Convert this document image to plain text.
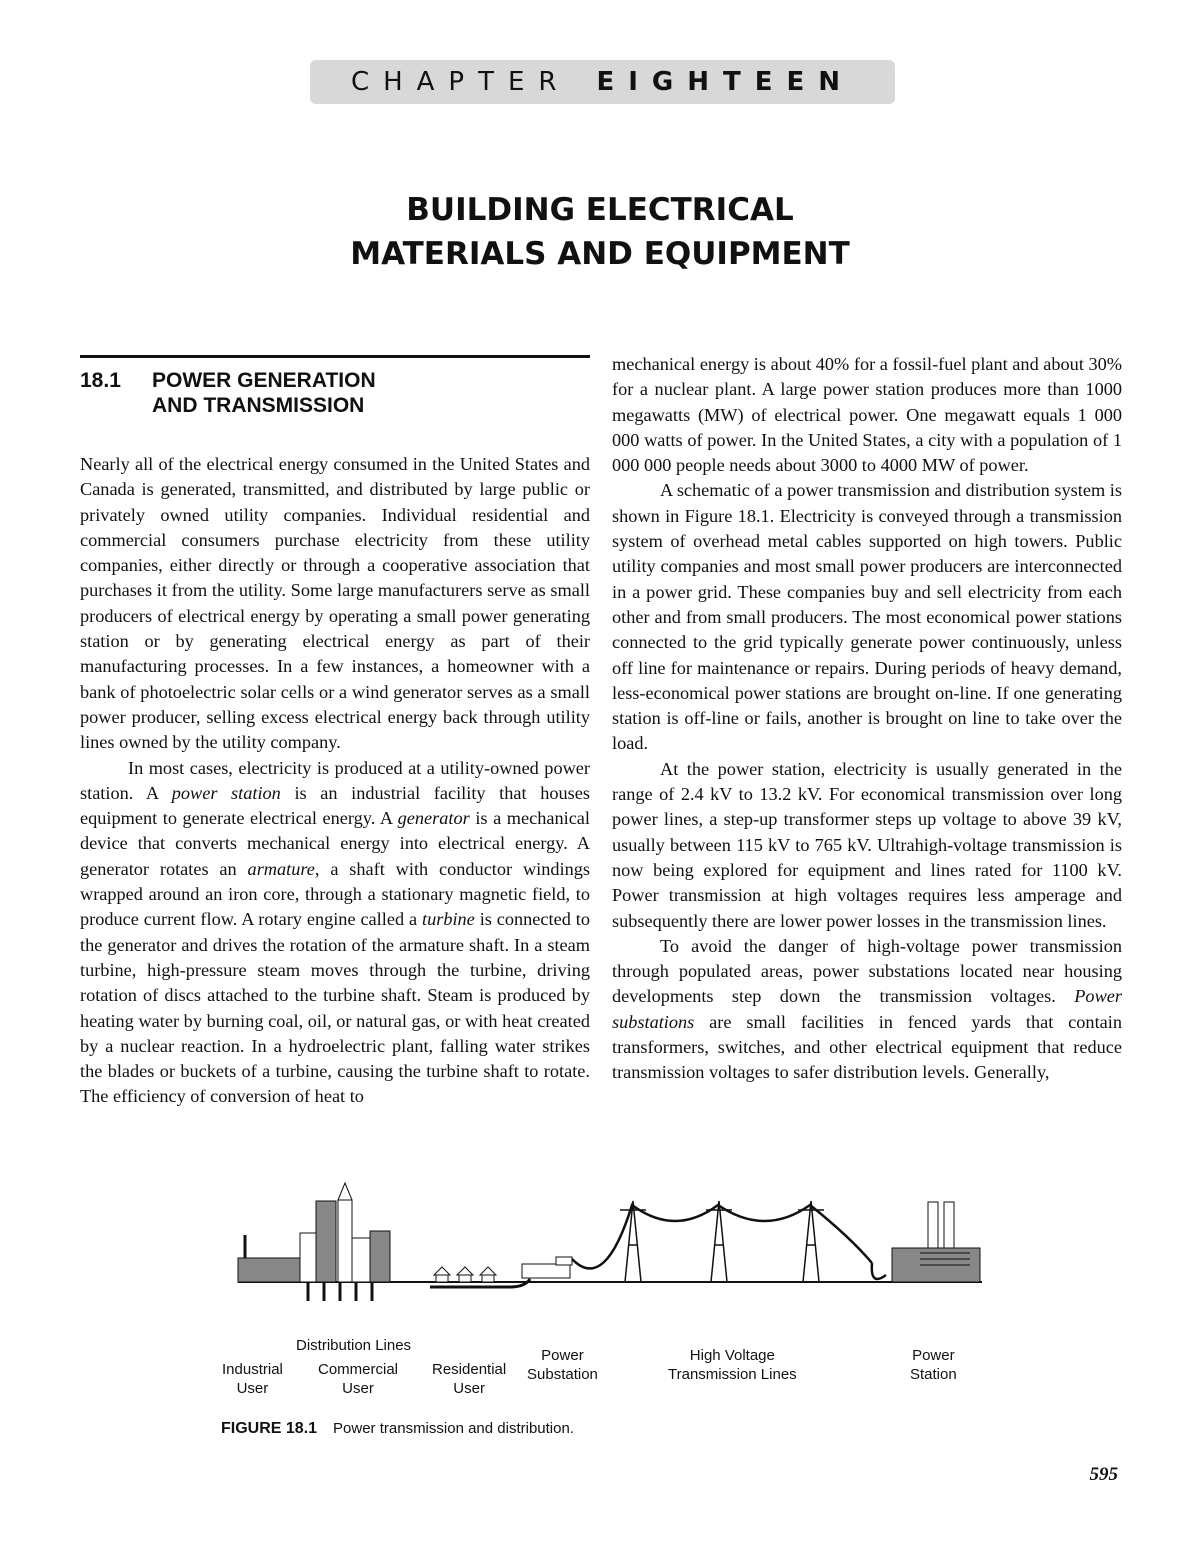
CHAPTER EIGHTEEN
BUILDING ELECTRICAL
MATERIALS AND EQUIPMENT
18.1	POWER GENERATION
AND TRANSMISSION

Nearly all of the electrical energy consumed in the United States and Canada is generated, transmitted, and distributed by large public or privately owned utility companies. Individual residential and commercial consumers purchase electricity from these utility companies, either directly or through a cooperative association that purchases it from the utility. Some large manufacturers serve as small producers of electrical energy by operating a small power generating station or by generating electrical energy as part of their manufacturing processes. In a few instances, a homeowner with a bank of photoelectric solar cells or a wind generator serves as a small power producer, selling excess electrical energy back through utility lines owned by the utility company.

In most cases, electricity is produced at a utility-owned power station. A power station is an industrial facility that houses equipment to generate electrical energy. A generator is a mechanical device that converts mechanical energy into electrical energy. A generator rotates an armature, a shaft with conductor windings wrapped around an iron core, through a stationary magnetic field, to produce current flow. A rotary engine called a turbine is connected to the generator and drives the rotation of the armature shaft. In a steam turbine, high-pressure steam moves through the turbine, driving rotation of discs attached to the turbine shaft. Steam is produced by heating water by burning coal, oil, or natural gas, or with heat created by a nuclear reaction. In a hydroelectric plant, falling water strikes the blades or buckets of a turbine, causing the turbine shaft to rotate. The efficiency of conversion of heat to

mechanical energy is about 40% for a fossil-fuel plant and about 30% for a nuclear plant. A large power station produces more than 1000 megawatts (MW) of electrical power. One megawatt equals 1 000 000 watts of power. In the United States, a city with a population of 1 000 000 people needs about 3000 to 4000 MW of power.

A schematic of a power transmission and distribution system is shown in Figure 18.1. Electricity is conveyed through a transmission system of overhead metal cables supported on high towers. Public utility companies and most small power producers are interconnected in a power grid. These companies buy and sell electricity from each other and from small producers. The most economical power stations connected to the grid typically generate power continuously, unless off line for maintenance or repairs. During periods of heavy demand, less-economical power stations are brought on-line. If one generating station is off-line or fails, another is brought on line to take over the load.

At the power station, electricity is usually generated in the range of 2.4 kV to 13.2 kV. For economical transmission over long power lines, a step-up transformer steps up voltage to above 39 kV, usually between 115 kV to 765 kV. Ultrahigh-voltage transmission is now being explored for equipment and lines rated for 1100 kV. Power transmission at high voltages requires less amperage and subsequently there are lower power losses in the transmission lines.

To avoid the danger of high-voltage power transmission through populated areas, power substations located near housing developments step down the transmission voltages. Power substations are small facilities in fenced yards that contain transformers, switches, and other electrical equipment that reduce transmission voltages to safer distribution levels. Generally,

Distribution Lines
Industrial
User
Commercial
User
Residential
User
Power
Substation
High Voltage
Transmission Lines
Power
Station
FIGURE 18.1 Power transmission and distribution.
595
